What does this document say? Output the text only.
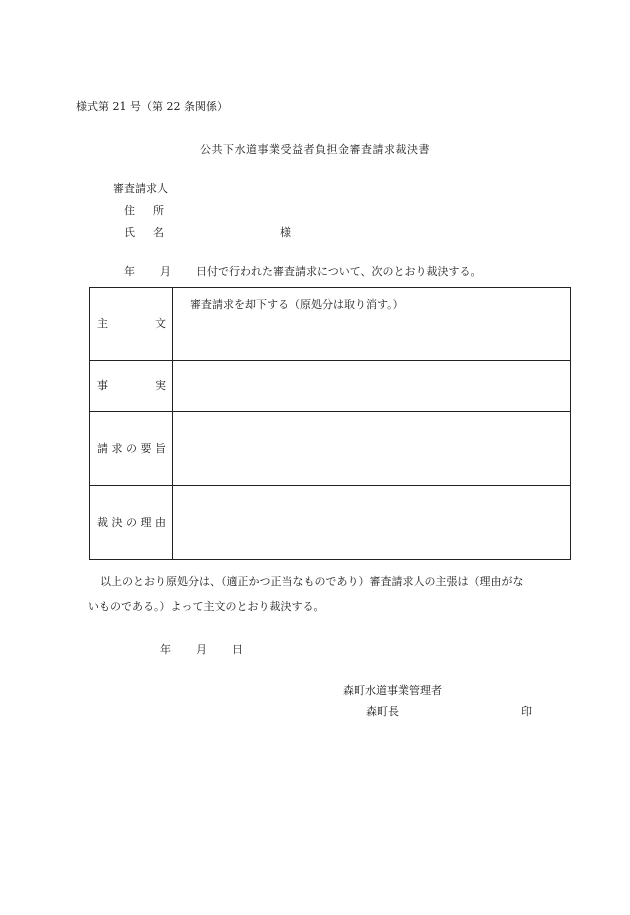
様式第 21 号（第 22 条関係）
公共下水道事業受益者負担金審査請求裁決書
審査請求人
住 所
氏 名	様
年 月 日付で行われた審査請求について、次のとおり裁決する。
主 文	審査請求を却下する（原処分は取り消す。）

事 実	

請 求 の 要 旨	

裁 決 の 理 由	

以上のとおり原処分は、（適正かつ正当なものであり）審査請求人の主張は（理由がな
いものである。）よって主文のとおり裁決する。
年 月 日
森町水道事業管理者
森町長	印
